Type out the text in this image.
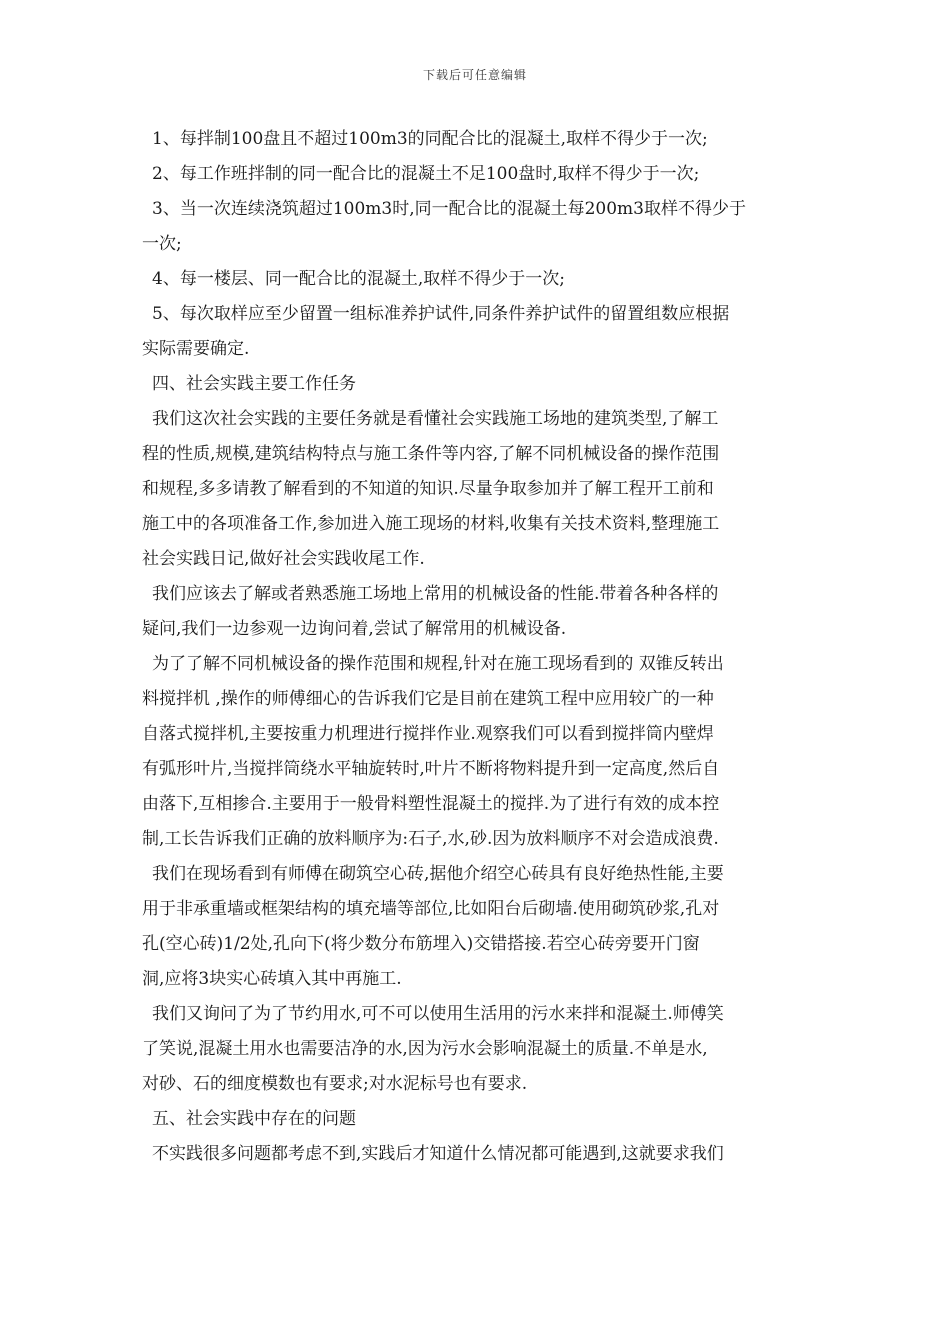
下载后可任意编辑
1、每拌制100盘且不超过100m3的同配合比的混凝土,取样不得少于一次;
2、每工作班拌制的同一配合比的混凝土不足100盘时,取样不得少于一次;
3、当一次连续浇筑超过100m3时,同一配合比的混凝土每200m3取样不得少于
一次;
4、每一楼层、同一配合比的混凝土,取样不得少于一次;
5、每次取样应至少留置一组标准养护试件,同条件养护试件的留置组数应根据
实际需要确定.
四、社会实践主要工作任务
我们这次社会实践的主要任务就是看懂社会实践施工场地的建筑类型,了解工
程的性质,规模,建筑结构特点与施工条件等内容,了解不同机械设备的操作范围
和规程,多多请教了解看到的不知道的知识.尽量争取参加并了解工程开工前和
施工中的各项准备工作,参加进入施工现场的材料,收集有关技术资料,整理施工
社会实践日记,做好社会实践收尾工作.
我们应该去了解或者熟悉施工场地上常用的机械设备的性能.带着各种各样的
疑问,我们一边参观一边询问着,尝试了解常用的机械设备.
为了了解不同机械设备的操作范围和规程,针对在施工现场看到的 双锥反转出
料搅拌机 ,操作的师傅细心的告诉我们它是目前在建筑工程中应用较广的一种
自落式搅拌机,主要按重力机理进行搅拌作业.观察我们可以看到搅拌筒内壁焊
有弧形叶片,当搅拌筒绕水平轴旋转时,叶片不断将物料提升到一定高度,然后自
由落下,互相掺合.主要用于一般骨料塑性混凝土的搅拌.为了进行有效的成本控
制,工长告诉我们正确的放料顺序为:石子,水,砂.因为放料顺序不对会造成浪费.
我们在现场看到有师傅在砌筑空心砖,据他介绍空心砖具有良好绝热性能,主要
用于非承重墙或框架结构的填充墙等部位,比如阳台后砌墙.使用砌筑砂浆,孔对
孔(空心砖)1/2处,孔向下(将少数分布筋埋入)交错搭接.若空心砖旁要开门窗
洞,应将3块实心砖填入其中再施工.
我们又询问了为了节约用水,可不可以使用生活用的污水来拌和混凝土.师傅笑
了笑说,混凝土用水也需要洁净的水,因为污水会影响混凝土的质量.不单是水,
对砂、石的细度模数也有要求;对水泥标号也有要求.
五、社会实践中存在的问题
不实践很多问题都考虑不到,实践后才知道什么情况都可能遇到,这就要求我们
